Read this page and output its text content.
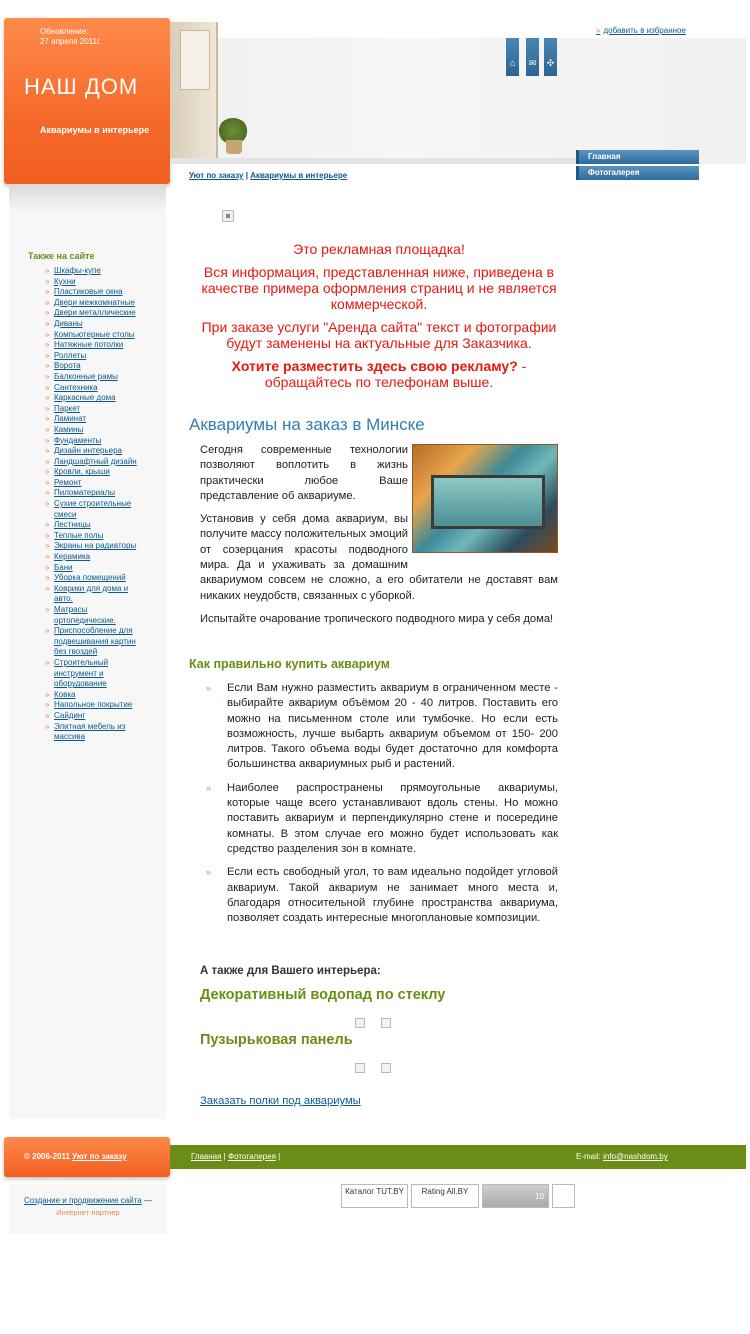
Обновление:
27 апреля 2011г.
НАШ ДОМ
Аквариумы в интерьере
» добавить в избранное
⌂	✉	✣
Главная
Фотогалерея
Уют по заказу | Аквариумы в интерьере
Также на сайте
» Шкафы-купе
» Кухни
» Пластиковые окна
» Двери межкомнатные
» Двери металлические
» Диваны
» Компьютерные столы
» Натяжные потолки
» Роллеты
» Ворота
» Балконные рамы
» Сантехника
» Каркасные дома
» Паркет
» Ламинат
» Камины
» Фундаменты
» Дизайн интерьера
» Ландшафтный дизайн
» Кровли, крыши
» Ремонт
» Пиломатериалы
» Сухие строительные смеси
» Лестницы
» Теплые полы
» Экраны на радиаторы
» Керамика
» Бани
» Уборка помещений
» Коврики для дома и авто.
» Матрасы ортопедические.
» Приспособление для подвешивания картин без гвоздей
» Строительный инструмент и оборудование
» Ковка
» Напольное покрытие
» Сайдинг
» Элитная мебель из массива
Это рекламная площадка!
Вся информация, представленная ниже, приведена в качестве примера оформления страниц и не является коммерческой.
При заказе услуги "Аренда сайта" текст и фотографии будут заменены на актуальные для Заказчика.
Хотите разместить здесь свою рекламу? - обращайтесь по телефонам выше.
Аквариумы на заказ в Минске

Сегодня современные технологии позволяют воплотить в жизнь практически любое Ваше представление об аквариуме.

Установив у себя дома аквариум, вы получите массу положительных эмоций от созерцания красоты подводного мира. Да и ухаживать за домашним аквариумом совсем не сложно, а его обитатели не доставят вам никаких неудобств, связанных с уборкой.

Испытайте очарование тропического подводного мира у себя дома!

Как правильно купить аквариум
» Если Вам нужно разместить аквариум в ограниченном месте - выбирайте аквариум объёмом 20 - 40 литров. Поставить его можно на письменном столе или тумбочке. Но если есть возможность, лучше выбарть аквариум объемом от 150- 200 литров. Такого объема воды будет достаточно для комфорта большинства аквариумных рыб и растений.
» Наиболее распространены прямоугольные аквариумы, которые чаще всего устанавливают вдоль стены. Но можно поставить аквариум и перпендикулярно стене и посередине комнаты. В этом случае его можно будет использовать как средство разделения зон в комнате.
» Если есть свободный угол, то вам идеально подойдет угловой аквариум. Такой аквариум не занимает много места и, благодаря относительной глубине пространства аквариума, позволяет создать интересные многоплановые композиции.
А также для Вашего интерьера:
Декоративный водопад по стеклу
Пузырьковая панель
Заказать полки под аквариумы
© 2006-2011 Уют по заказу	Главная | Фотогалерея |	E-mail: info@nashdom.by
Создание и продвижение сайта —
Интернет-партнер
Каталог TUT.BY	Rating All.BY
10
